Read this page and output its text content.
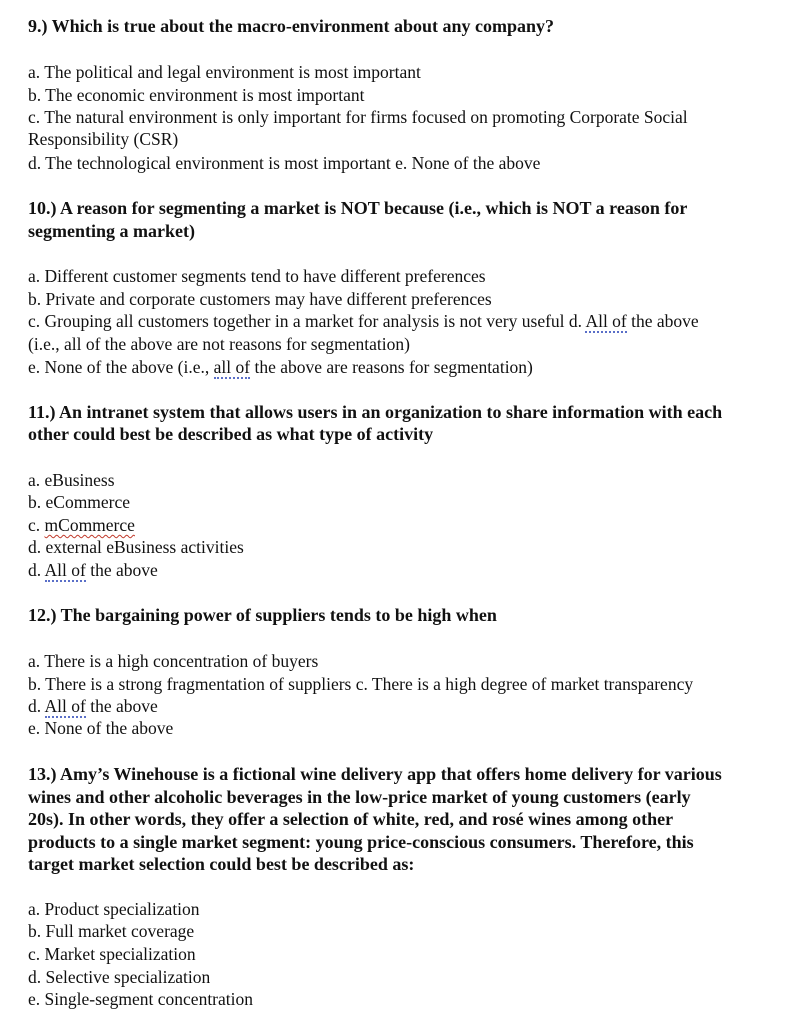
9.) Which is true about the macro-environment about any company?
a. The political and legal environment is most important
b. The economic environment is most important
c. The natural environment is only important for firms focused on promoting Corporate Social
Responsibility (CSR)
d. The technological environment is most important e. None of the above
10.) A reason for segmenting a market is NOT because (i.e., which is NOT a reason for
segmenting a market)
a. Different customer segments tend to have different preferences
b. Private and corporate customers may have different preferences
c. Grouping all customers together in a market for analysis is not very useful d. All of the above
(i.e., all of the above are not reasons for segmentation)
e. None of the above (i.e., all of the above are reasons for segmentation)
11.) An intranet system that allows users in an organization to share information with each
other could best be described as what type of activity
a. eBusiness
b. eCommerce
c. mCommerce
d. external eBusiness activities
d. All of the above
12.) The bargaining power of suppliers tends to be high when
a. There is a high concentration of buyers
b. There is a strong fragmentation of suppliers c. There is a high degree of market transparency
d. All of the above
e. None of the above
13.) Amy’s Winehouse is a fictional wine delivery app that offers home delivery for various
wines and other alcoholic beverages in the low-price market of young customers (early
20s). In other words, they offer a selection of white, red, and rosé wines among other
products to a single market segment: young price-conscious consumers. Therefore, this
target market selection could best be described as:
a. Product specialization
b. Full market coverage
c. Market specialization
d. Selective specialization
e. Single-segment concentration
